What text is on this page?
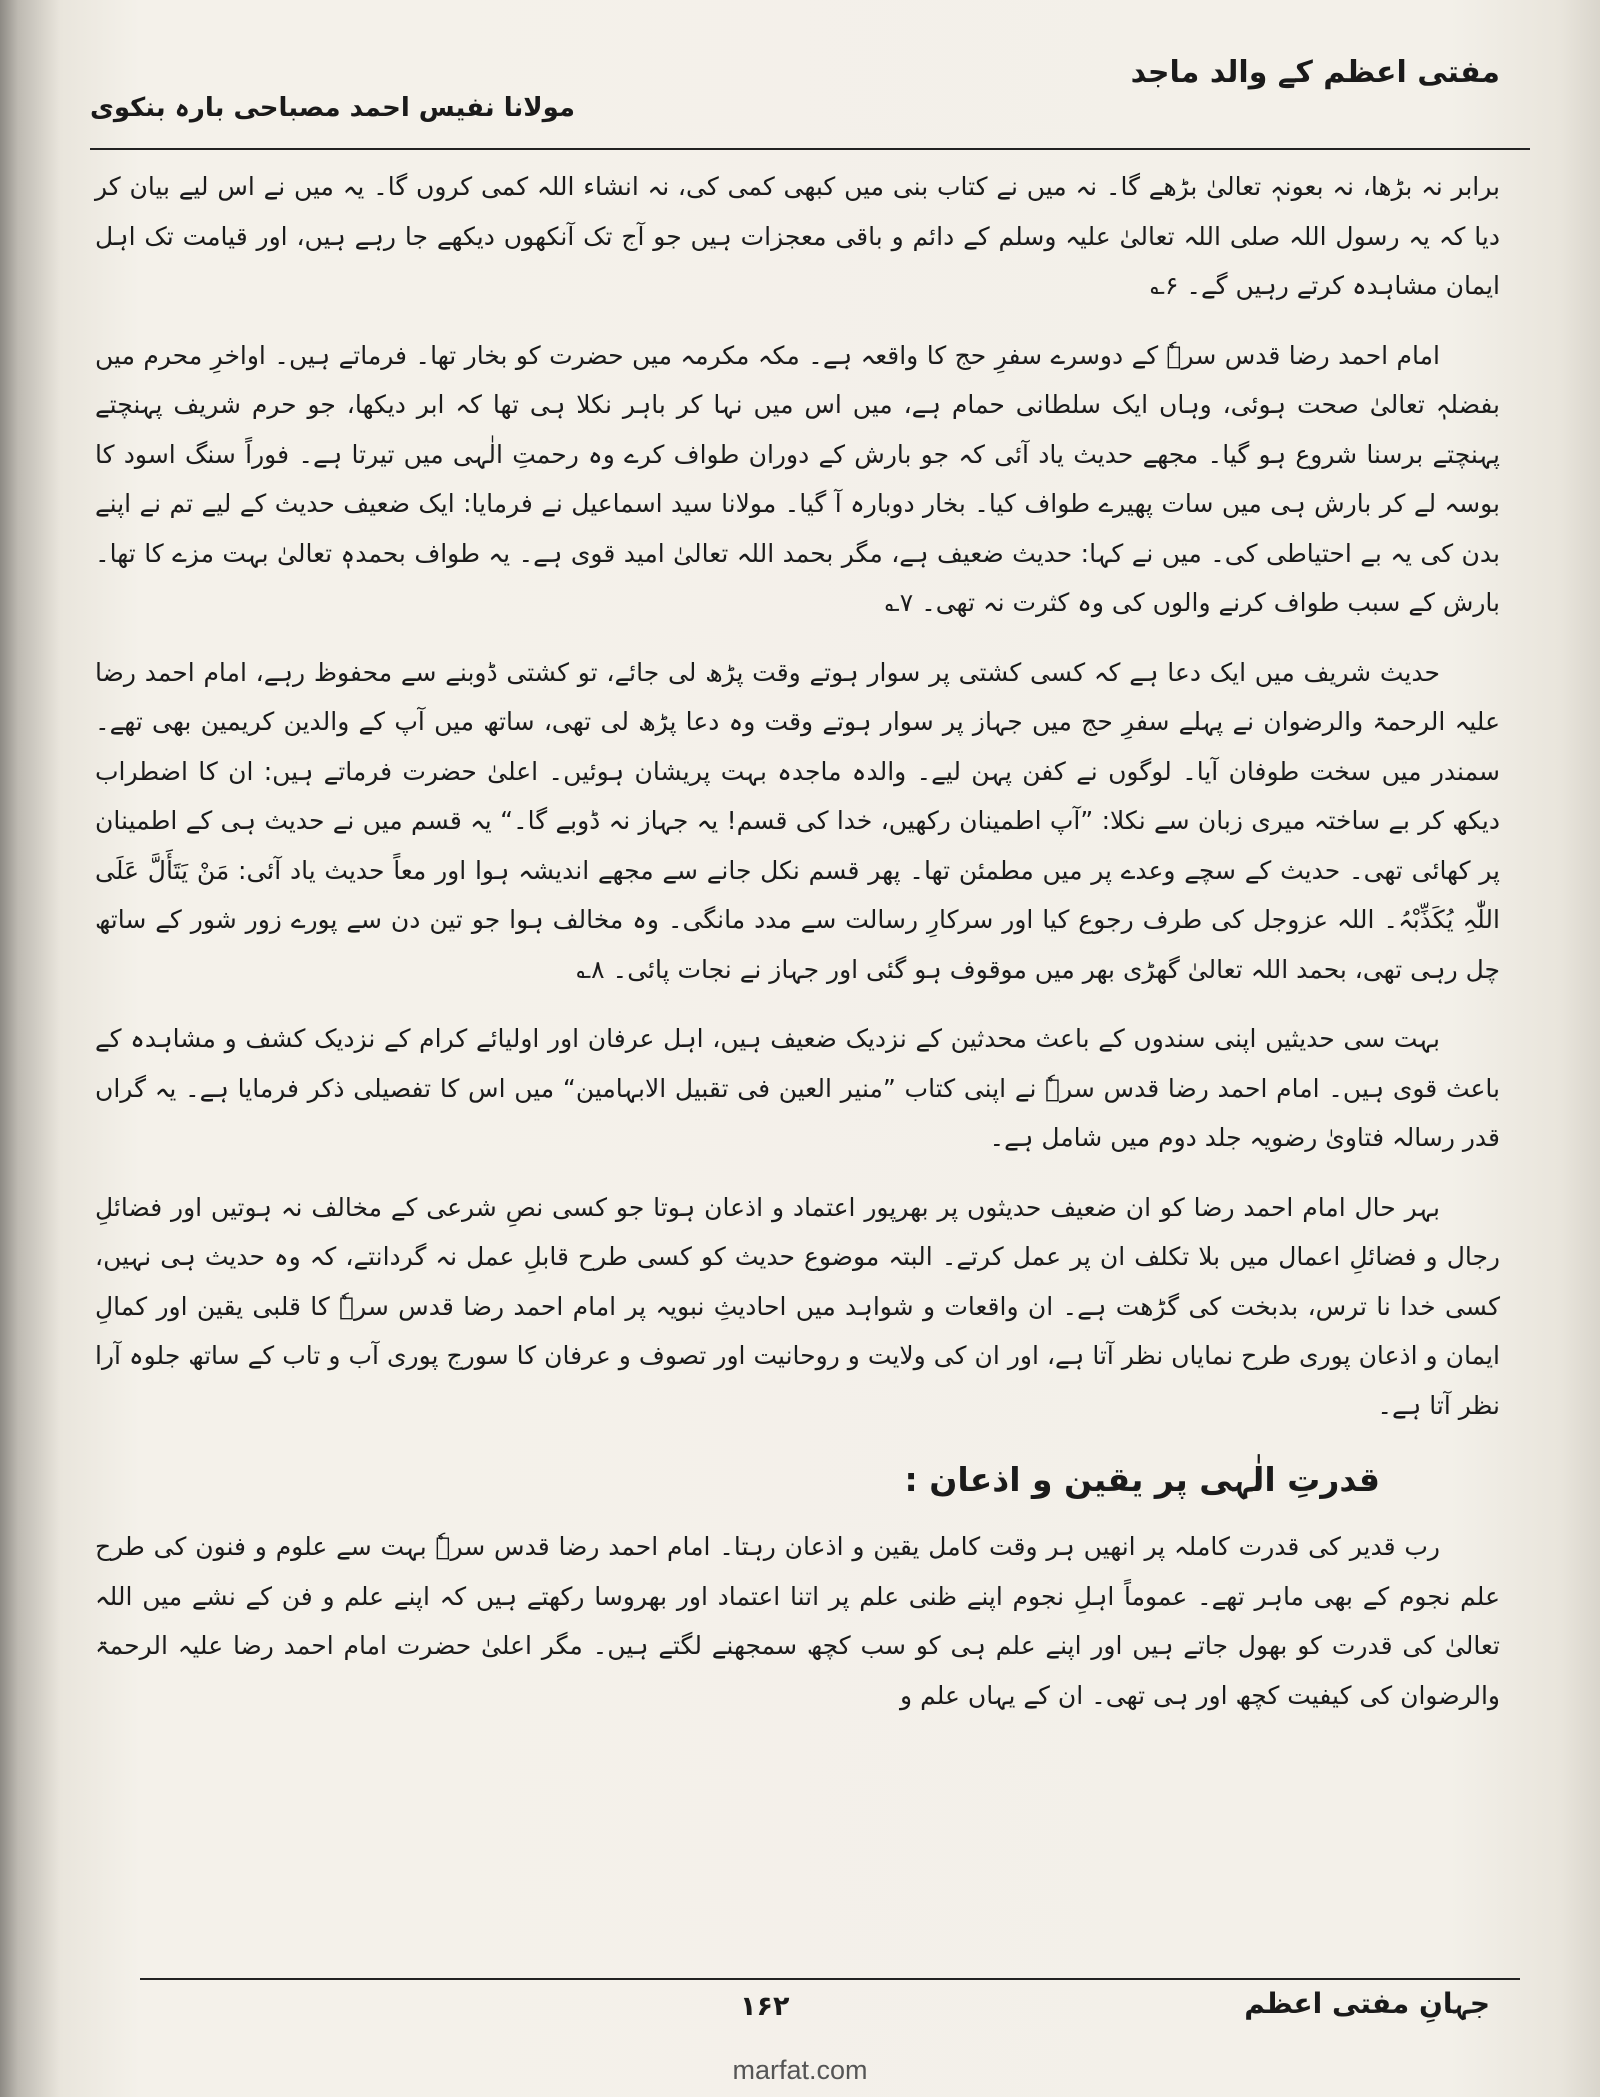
مفتی اعظم کے والد ماجد
مولانا نفیس احمد مصباحی بارہ بنکوی

برابر نہ بڑھا، نہ بعونہٖ تعالیٰ بڑھے گا۔ نہ میں نے کتاب بنی میں کبھی کمی کی، نہ انشاء اللہ کمی کروں گا۔ یہ میں نے اس لیے بیان کر دیا کہ یہ رسول اللہ صلی اللہ تعالیٰ علیہ وسلم کے دائم و باقی معجزات ہیں جو آج تک آنکھوں دیکھے جا رہے ہیں، اور قیامت تک اہل ایمان مشاہدہ کرتے رہیں گے۔ ۶؎

امام احمد رضا قدس سرہٗ کے دوسرے سفرِ حج کا واقعہ ہے۔ مکہ مکرمہ میں حضرت کو بخار تھا۔ فرماتے ہیں۔ اواخرِ محرم میں بفضلہٖ تعالیٰ صحت ہوئی، وہاں ایک سلطانی حمام ہے، میں اس میں نہا کر باہر نکلا ہی تھا کہ ابر دیکھا، جو حرم شریف پہنچتے پہنچتے برسنا شروع ہو گیا۔ مجھے حدیث یاد آئی کہ جو بارش کے دوران طواف کرے وہ رحمتِ الٰہی میں تیرتا ہے۔ فوراً سنگ اسود کا بوسہ لے کر بارش ہی میں سات پھیرے طواف کیا۔ بخار دوبارہ آ گیا۔ مولانا سید اسماعیل نے فرمایا: ایک ضعیف حدیث کے لیے تم نے اپنے بدن کی یہ بے احتیاطی کی۔ میں نے کہا: حدیث ضعیف ہے، مگر بحمد اللہ تعالیٰ امید قوی ہے۔ یہ طواف بحمدہٖ تعالیٰ بہت مزے کا تھا۔ بارش کے سبب طواف کرنے والوں کی وہ کثرت نہ تھی۔ ۷؎

حدیث شریف میں ایک دعا ہے کہ کسی کشتی پر سوار ہوتے وقت پڑھ لی جائے، تو کشتی ڈوبنے سے محفوظ رہے، امام احمد رضا علیہ الرحمۃ والرضوان نے پہلے سفرِ حج میں جہاز پر سوار ہوتے وقت وہ دعا پڑھ لی تھی، ساتھ میں آپ کے والدین کریمین بھی تھے۔ سمندر میں سخت طوفان آیا۔ لوگوں نے کفن پہن لیے۔ والدہ ماجدہ بہت پریشان ہوئیں۔ اعلیٰ حضرت فرماتے ہیں: ان کا اضطراب دیکھ کر بے ساختہ میری زبان سے نکلا: ”آپ اطمینان رکھیں، خدا کی قسم! یہ جہاز نہ ڈوبے گا۔“ یہ قسم میں نے حدیث ہی کے اطمینان پر کھائی تھی۔ حدیث کے سچے وعدے پر میں مطمئن تھا۔ پھر قسم نکل جانے سے مجھے اندیشہ ہوا اور معاً حدیث یاد آئی: مَنْ یَتَأَلَّ عَلَی اللّٰہِ یُکَذِّبْہُ۔ اللہ عزوجل کی طرف رجوع کیا اور سرکارِ رسالت سے مدد مانگی۔ وہ مخالف ہوا جو تین دن سے پورے زور شور کے ساتھ چل رہی تھی، بحمد اللہ تعالیٰ گھڑی بھر میں موقوف ہو گئی اور جہاز نے نجات پائی۔ ۸؎

بہت سی حدیثیں اپنی سندوں کے باعث محدثین کے نزدیک ضعیف ہیں، اہل عرفان اور اولیائے کرام کے نزدیک کشف و مشاہدہ کے باعث قوی ہیں۔ امام احمد رضا قدس سرہٗ نے اپنی کتاب ”منیر العین فی تقبیل الابہامین“ میں اس کا تفصیلی ذکر فرمایا ہے۔ یہ گراں قدر رسالہ فتاویٰ رضویہ جلد دوم میں شامل ہے۔

بہر حال امام احمد رضا کو ان ضعیف حدیثوں پر بھرپور اعتماد و اذعان ہوتا جو کسی نصِ شرعی کے مخالف نہ ہوتیں اور فضائلِ رجال و فضائلِ اعمال میں بلا تکلف ان پر عمل کرتے۔ البتہ موضوع حدیث کو کسی طرح قابلِ عمل نہ گردانتے، کہ وہ حدیث ہی نہیں، کسی خدا نا ترس، بدبخت کی گڑھت ہے۔ ان واقعات و شواہد میں احادیثِ نبویہ پر امام احمد رضا قدس سرہٗ کا قلبی یقین اور کمالِ ایمان و اذعان پوری طرح نمایاں نظر آتا ہے، اور ان کی ولایت و روحانیت اور تصوف و عرفان کا سورج پوری آب و تاب کے ساتھ جلوہ آرا نظر آتا ہے۔

قدرتِ الٰہی پر یقین و اذعان :

رب قدیر کی قدرت کاملہ پر انھیں ہر وقت کامل یقین و اذعان رہتا۔ امام احمد رضا قدس سرہٗ بہت سے علوم و فنون کی طرح علم نجوم کے بھی ماہر تھے۔ عموماً اہلِ نجوم اپنے ظنی علم پر اتنا اعتماد اور بھروسا رکھتے ہیں کہ اپنے علم و فن کے نشے میں اللہ تعالیٰ کی قدرت کو بھول جاتے ہیں اور اپنے علم ہی کو سب کچھ سمجھنے لگتے ہیں۔ مگر اعلیٰ حضرت امام احمد رضا علیہ الرحمۃ والرضوان کی کیفیت کچھ اور ہی تھی۔ ان کے یہاں علم و

جہانِ مفتی اعظم
۱۶۲
marfat.com
